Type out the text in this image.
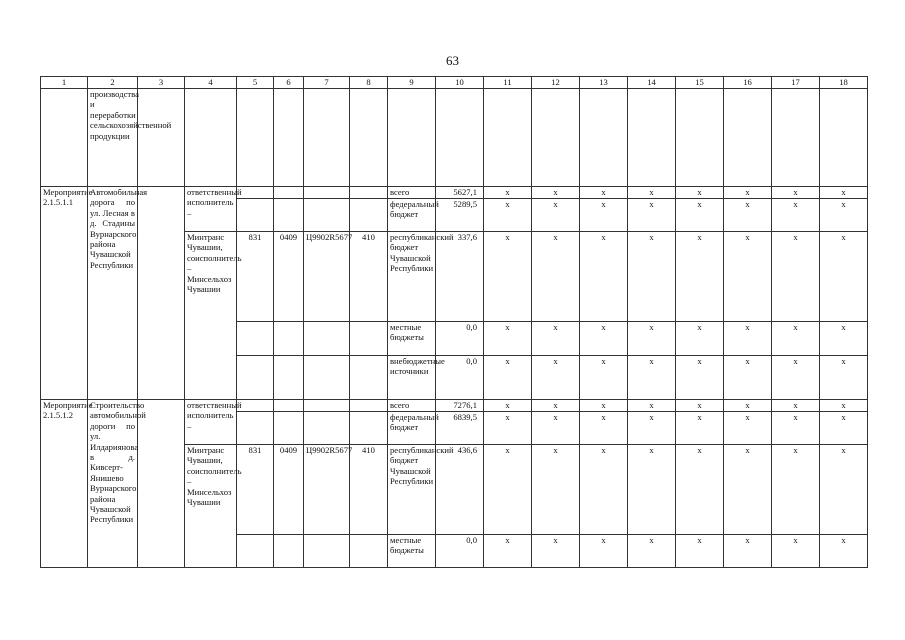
63
1	2	3	4	5	6	7	8	9	10	11	12	13	14	15	16	17	18
	производства и переработки сельскохозяйственной продукции																
Мероприятие 2.1.5.1.1	Автомобильная дорога по ул. Лесная в д. Стадины Вурнарского района Чувашской Республики		ответственный исполнитель –					всего	5627,1	х	х	х	х	х	х	х	х
								федеральный бюджет	5289,5	х	х	х	х	х	х	х	х
			Минтранс Чувашии, соисполнитель – Минсельхоз Чувашии	831	0409	Ц9902R5677	410	республиканский бюджет Чувашской Республики	337,6	х	х	х	х	х	х	х	х
								местные бюджеты	0,0	х	х	х	х	х	х	х	х
								внебюджетные источники	0,0	х	х	х	х	х	х	х	х
Мероприятие 2.1.5.1.2	Строительство автомобильной дороги по ул. Илдариянова в д. Кивсерт-Янишево Вурнарского района Чувашской Республики		ответственный исполнитель –					всего	7276,1	х	х	х	х	х	х	х	х
								федеральный бюджет	6839,5	х	х	х	х	х	х	х	х
			Минтранс Чувашии, соисполнитель – Минсельхоз Чувашии	831	0409	Ц9902R5677	410	республиканский бюджет Чувашской Республики	436,6	х	х	х	х	х	х	х	х
								местные бюджеты	0,0	х	х	х	х	х	х	х	х
